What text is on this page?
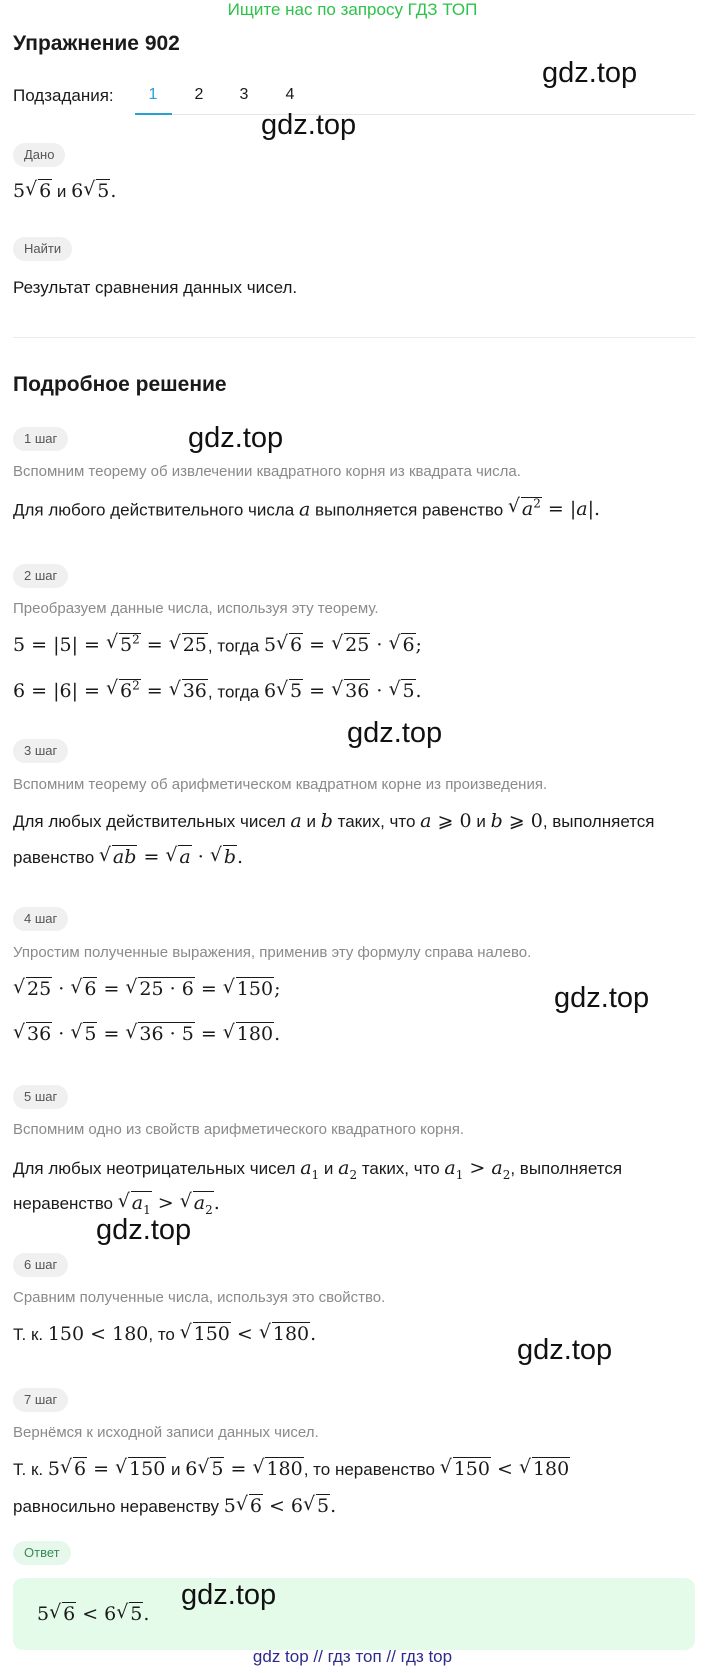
Ищите нас по запросу ГДЗ ТОП
Упражнение 902
Подзадания:	1	2	3	4
Дано
5 √ 6 и 6 √ 5.
Найти
Результат сравнения данных чисел.
Подробное решение
1 шаг
Вспомним теорему об извлечении квадратного корня из квадрата числа.
Для любого действительного числа a выполняется равенство √ $a^2 = |a|$.
2 шаг
Преобразуем данные числа, используя эту теорему.
5 = |5| = √ $5^2$ = √ 25, тогда 5 √ 6 = √ 25 · √ 6;
6 = |6| = √ $6^2$ = √ 36, тогда 6 √ 5 = √ 36 · √ 5.
3 шаг
Вспомним теорему об арифметическом квадратном корне из произведения.
Для любых действительных чисел a и b таких, что a ⩾ 0 и b ⩾ 0, выполняется
равенство √ ab = √ a · √ b.
4 шаг
Упростим полученные выражения, применив эту формулу справа налево.
√ 25 · √ 6 = √ 25 · 6 = √ 150;
√ 36 · √ 5 = √ 36 · 5 = √ 180.
5 шаг
Вспомним одно из свойств арифметического квадратного корня.
Для любых неотрицательных чисел $a_1$ и $a_2$ таких, что $a_1 > a_2$, выполняется
неравенство √ $a_1$ > √ $a_2$.
6 шаг
Сравним полученные числа, используя это свойство.
Т. к. 150 < 180, то √ 150 < √ 180.
7 шаг
Вернёмся к исходной записи данных чисел.
Т. к. 5 √ 6 = √ 150 и 6 √ 5 = √ 180, то неравенство √ 150 < √ 180
равносильно неравенству 5 √ 6 < 6 √ 5.
Ответ
5 √ 6 < 6 √ 5.
gdz.top
gdz.top
gdz.top
gdz.top
gdz.top
gdz.top
gdz.top
gdz.top
gdz top // гдз топ // гдз top
